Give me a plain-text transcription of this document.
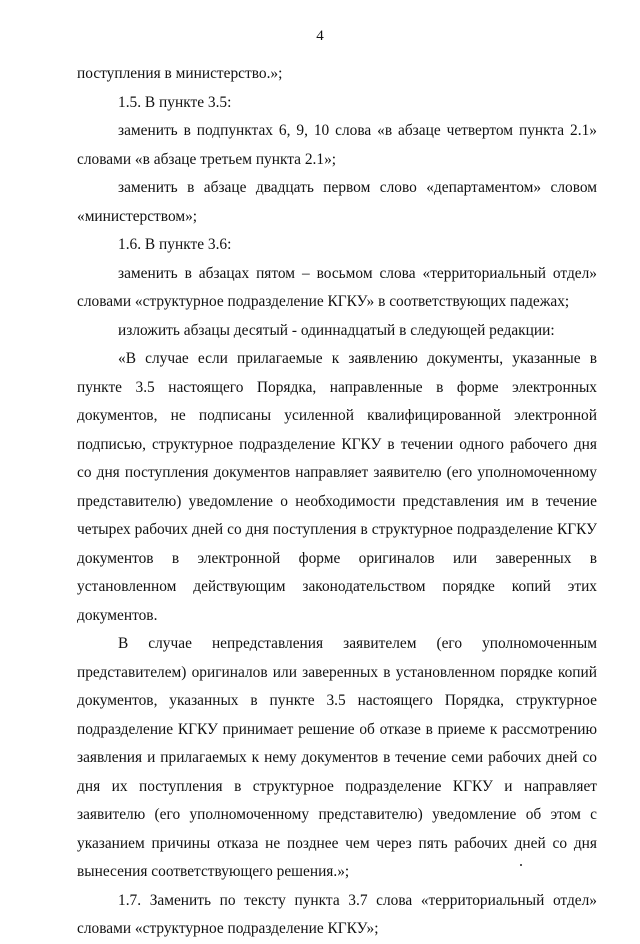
4

поступления в министерство.»;

1.5. В пункте 3.5:

заменить в подпунктах 6, 9, 10 слова «в абзаце четвертом пункта 2.1» словами «в абзаце третьем пункта 2.1»;

заменить в абзаце двадцать первом слово «департаментом» словом «министерством»;

1.6. В пункте 3.6:

заменить в абзацах пятом – восьмом слова «территориальный отдел» словами «структурное подразделение КГКУ» в соответствующих падежах;

изложить абзацы десятый - одиннадцатый в следующей редакции:

«В случае если прилагаемые к заявлению документы, указанные в пункте 3.5 настоящего Порядка, направленные в форме электронных документов, не подписаны усиленной квалифицированной электронной подписью, структурное подразделение КГКУ в течении одного рабочего дня со дня поступления документов направляет заявителю (его уполномоченному представителю) уведомление о необходимости представления им в течение четырех рабочих дней со дня поступления в структурное подразделение КГКУ документов в электронной форме оригиналов или заверенных в установленном действующим законодательством порядке копий этих документов.

В случае непредставления заявителем (его уполномоченным представителем) оригиналов или заверенных в установленном порядке копий документов, указанных в пункте 3.5 настоящего Порядка, структурное подразделение КГКУ принимает решение об отказе в приеме к рассмотрению заявления и прилагаемых к нему документов в течение семи рабочих дней со дня их поступления в структурное подразделение КГКУ и направляет заявителю (его уполномоченному представителю) уведомление об этом с указанием причины отказа не позднее чем через пять рабочих дней со дня вынесения соответствующего решения.»;

1.7. Заменить по тексту пункта 3.7 слова «территориальный отдел» словами «структурное подразделение КГКУ»;
